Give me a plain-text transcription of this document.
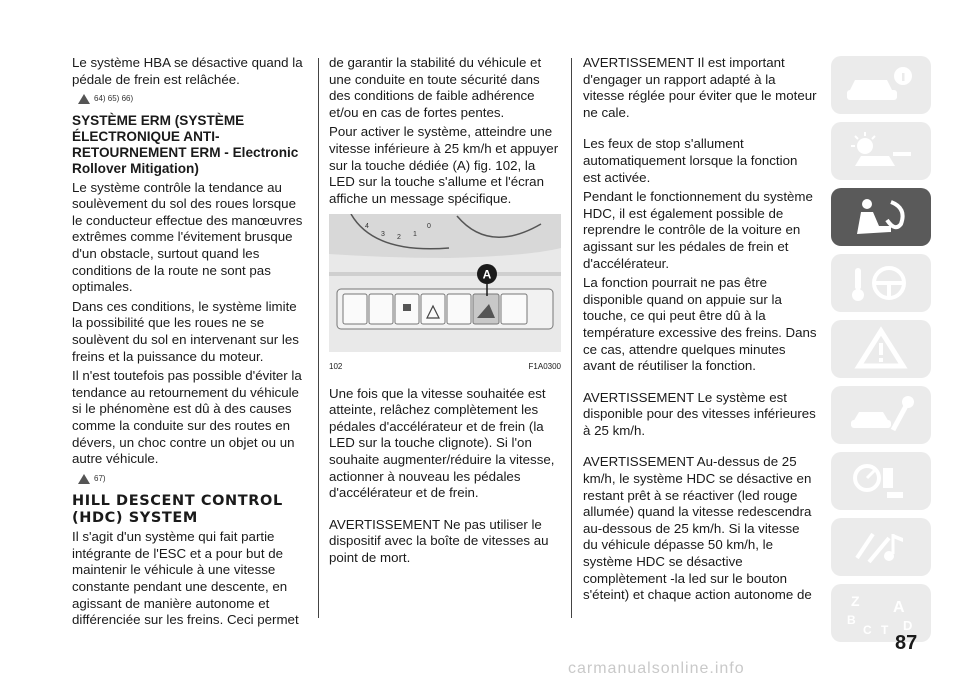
Le système HBA se désactive quand la pédale de frein est relâchée.

64) 65) 66)
SYSTÈME ERM (SYSTÈME ÉLECTRONIQUE ANTI-RETOURNEMENT ERM - Electronic Rollover Mitigation)

Le système contrôle la tendance au soulèvement du sol des roues lorsque le conducteur effectue des manœuvres extrêmes comme l'évitement brusque d'un obstacle, surtout quand les conditions de la route ne sont pas optimales.

Dans ces conditions, le système limite la possibilité que les roues ne se soulèvent du sol en intervenant sur les freins et la puissance du moteur.

Il n'est toutefois pas possible d'éviter la tendance au retournement du véhicule si le phénomène est dû à des causes comme la conduite sur des routes en dévers, un choc contre un objet ou un autre véhicule.

67)
HILL DESCENT CONTROL (HDC) SYSTEM

Il s'agit d'un système qui fait partie intégrante de l'ESC et a pour but de maintenir le véhicule à une vitesse constante pendant une descente, en agissant de manière autonome et différenciée sur les freins. Ceci permet

de garantir la stabilité du véhicule et une conduite en toute sécurité dans des conditions de faible adhérence et/ou en cas de fortes pentes.

Pour activer le système, atteindre une vitesse inférieure à 25 km/h et appuyer sur la touche dédiée (A) fig. 102, la LED sur la touche s'allume et l'écran affiche un message spécifique.

4
3 2 1
0
A
102	F1A0300

Une fois que la vitesse souhaitée est atteinte, relâchez complètement les pédales d'accélérateur et de frein (la LED sur la touche clignote). Si l'on souhaite augmenter/réduire la vitesse, actionner à nouveau les pédales d'accélérateur et de frein.

AVERTISSEMENT Ne pas utiliser le dispositif avec la boîte de vitesses au point de mort.

AVERTISSEMENT Il est important d'engager un rapport adapté à la vitesse réglée pour éviter que le moteur ne cale.

Les feux de stop s'allument automatiquement lorsque la fonction est activée.

Pendant le fonctionnement du système HDC, il est également possible de reprendre le contrôle de la voiture en agissant sur les pédales de frein et d'accélérateur.

La fonction pourrait ne pas être disponible quand on appuie sur la touche, ce qui peut être dû à la température excessive des freins. Dans ce cas, attendre quelques minutes avant de réutiliser la fonction.

AVERTISSEMENT Le système est disponible pour des vitesses inférieures à 25 km/h.

AVERTISSEMENT Au-dessus de 25 km/h, le système HDC se désactive en restant prêt à se réactiver (led rouge allumée) quand la vitesse redescendra au-dessous de 25 km/h. Si la vitesse du véhicule dépasse 50 km/h, le système HDC se désactive complètement -la led sur le bouton s'éteint) et chaque action autonome de	Z A
B
C T D
87
carmanualsonline.info
